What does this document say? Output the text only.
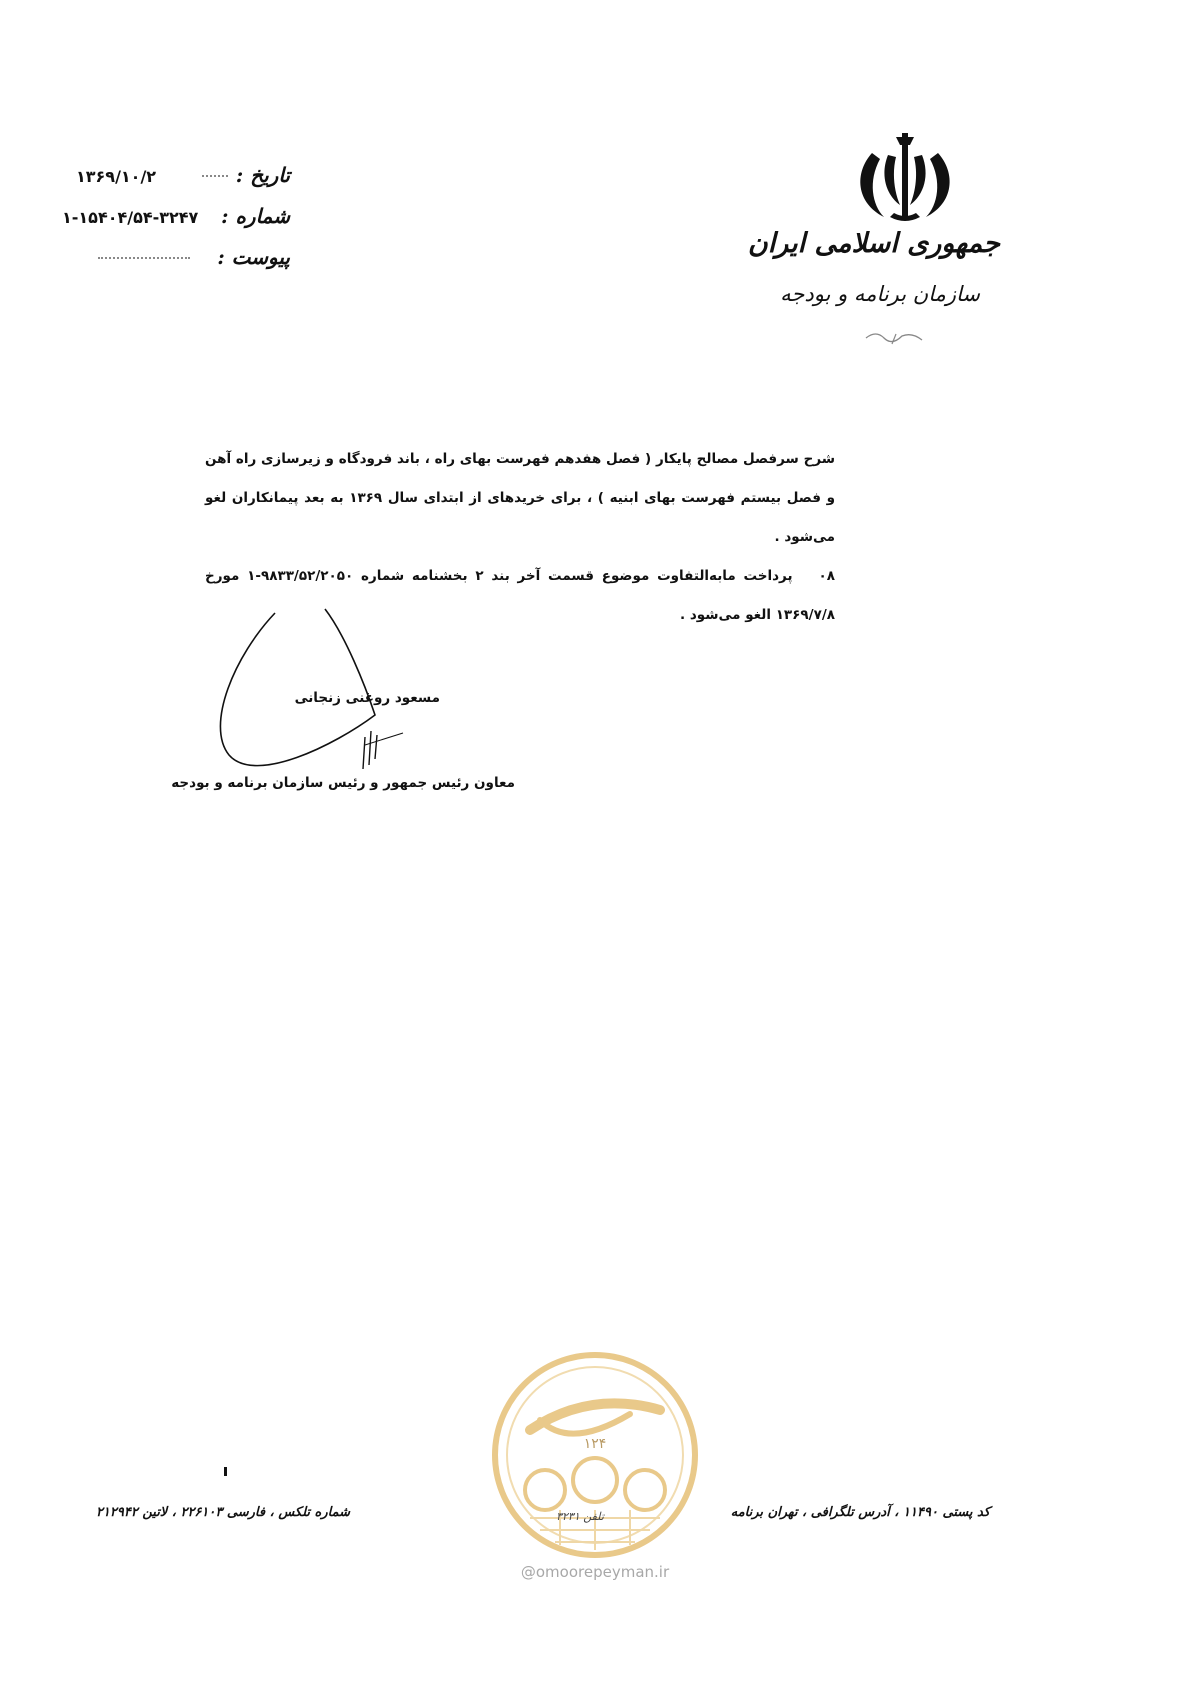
جمهوری اسلامی ایران
سازمان برنامه و بودجه
تاریخ :
۱۳۶۹/۱۰/۲
شماره :
۱-۱۵۴۰۴/۵۴-۳۲۴۷
پیوست :

شرح سرفصل مصالح پایکار ( فصل هفدهم فهرست بهای راه ، باند فرودگاه و زیرسازی راه آهن و فصل بیستم فهرست بهای ابنیه ) ، برای خریدهای از ابتدای سال ۱۳۶۹ به بعد پیمانکاران لغو می‌شود .

۰۸پرداخت مابه‌التفاوت موضوع قسمت آخر بند ۲ بخشنامه شماره ۹۸۳۳/۵۲/۲۰۵۰-۱ مورخ ۱۳۶۹/۷/۸ الغو می‌شود .

مسعود روغنی زنجانی
معاون رئیس جمهور و رئیس سازمان برنامه و بودجه
۱۲۴
@omoorepeyman.ir
کد پستی ۱۱۴۹۰ ، آدرس تلگرافی ، تهران برنامه
تلفن ۳۲۳۱
شماره تلکس ، فارسی ۲۲۶۱۰۳ ، لاتین ۲۱۲۹۴۲
